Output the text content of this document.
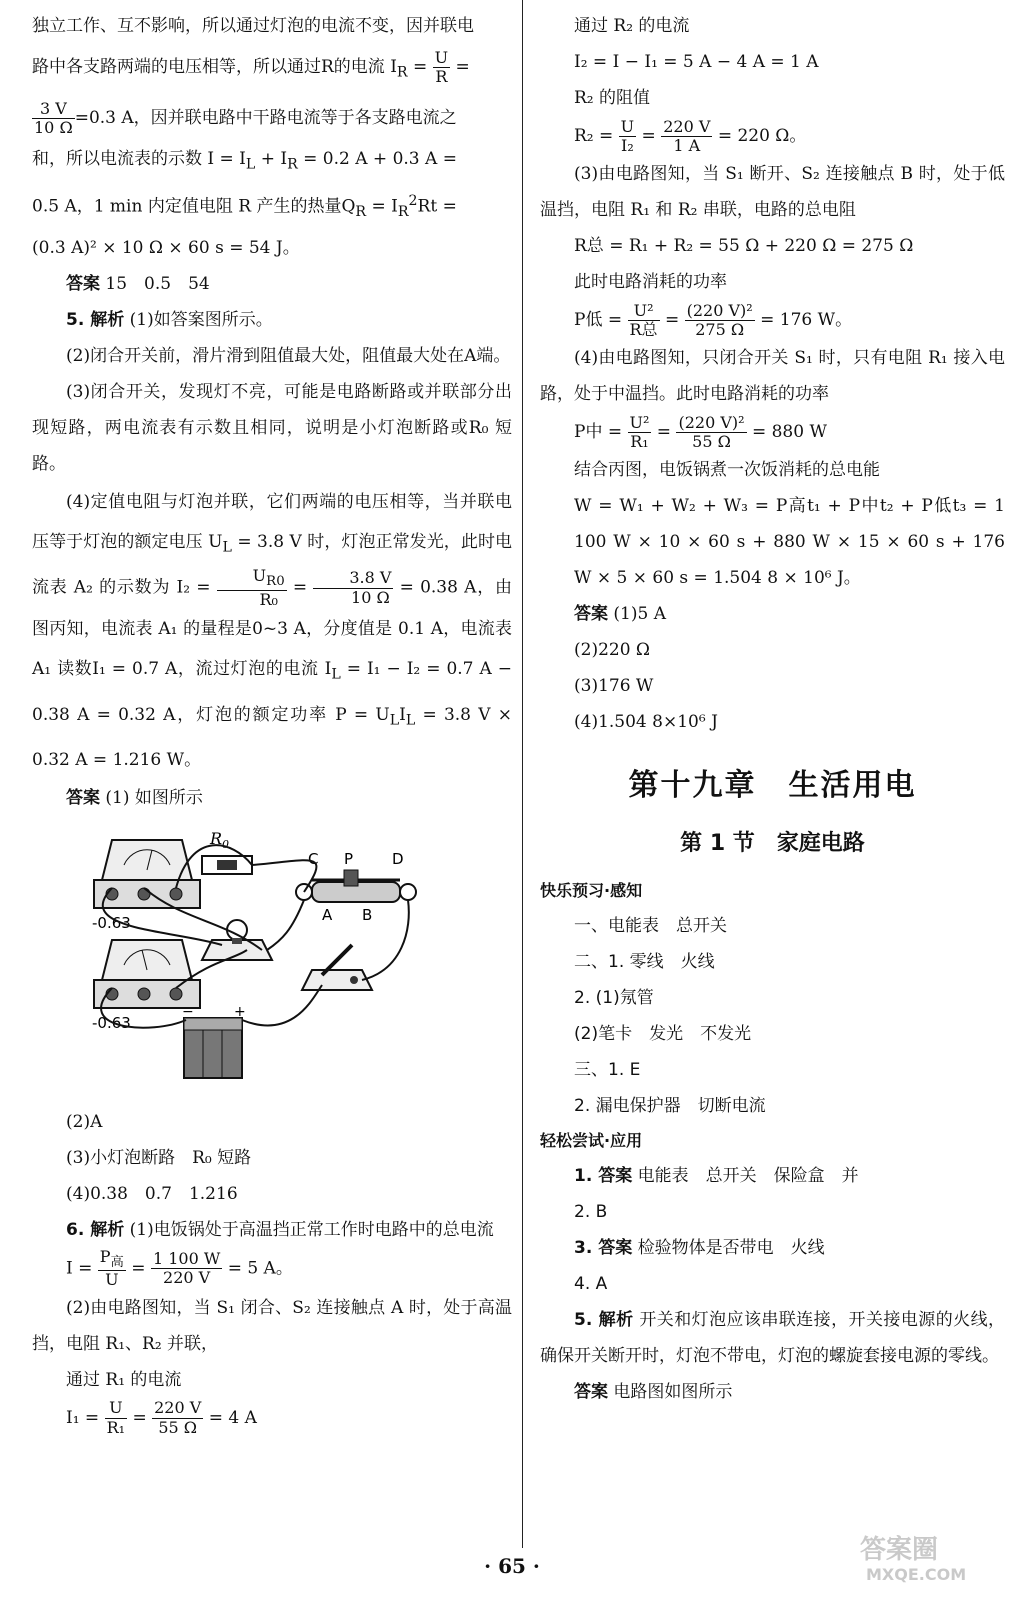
独立工作、互不影响，所以通过灯泡的电流不变，因并联电

路中各支路两端的电压相等，所以通过R的电流 $I_R = \frac{U}{R}$ =

$\frac{3 V}{10 \Omega} =0.3$ A，因并联电路中干路电流等于各支路电流之

和，所以电流表的示数 $I = I_L + I_R = 0.2$ A + 0.3 A =

0.5 A，1 min 内定值电阻 R 产生的热量$Q_R = I_R^2Rt$ =

(0.3 A)² × 10 Ω × 60 s = 54 J。

答案 15　0.5　54

5. 解析 (1)如答案图所示。

(2)闭合开关前，滑片滑到阻值最大处，阻值最大处在A端。

(3)闭合开关，发现灯不亮，可能是电路断路或并联部分出现短路，两电流表有示数且相同，说明是小灯泡断路或R₀ 短路。

(4)定值电阻与灯泡并联，它们两端的电压相等，当并联电压等于灯泡的额定电压 $U_L = 3.8$ V 时，灯泡正常发光，此时电流表 A₂ 的示数为 $I_2 = \frac{U_{R0}}{\text{R₀}} = \frac{3.8 V}{10 \Omega} = 0.38$ A，由图丙知，电流表 A₁ 的量程是0~3 A，分度值是 0.1 A，电流表 A₁ 读数I₁ = 0.7 A，流过灯泡的电流 $I_L = I_1 - I_2 = 0.7$ A − 0.38 A = 0.32 A，灯泡的额定功率 $P = U_LI_L = 3.8$ V × 0.32 A = 1.216 W。

答案 (1) 如图所示

-0.63
$R_0$
C P	D
A B
-0.63
−	+

(2)A

(3)小灯泡断路　R₀ 短路

(4)0.38　0.7　1.216

6. 解析 (1)电饭锅处于高温挡正常工作时电路中的总电流

$I = \frac{P_高}{U} = \frac{1 100 W}{220 V} = 5$ A。

(2)由电路图知，当 S₁ 闭合、S₂ 连接触点 A 时，处于高温挡，电阻 R₁、R₂ 并联，

通过 R₁ 的电流

$I_1 = \frac{U}{\text{R₁}} = \frac{220 V}{55 \Omega} = 4$ A

通过 R₂ 的电流

I₂ = I − I₁ = 5 A − 4 A = 1 A

R₂ 的阻值

$R_2 = \frac{U}{\text{I₂}} = \frac{220 V}{1 A} = 220$ Ω。

(3)由电路图知，当 S₁ 断开、S₂ 连接触点 B 时，处于低温挡，电阻 R₁ 和 R₂ 串联，电路的总电阻

R总 = R₁ + R₂ = 55 Ω + 220 Ω = 275 Ω

此时电路消耗的功率

P低 = $\frac{\text{U²}}{\text{R总}} = \frac{\text{(220 V)²}}{275 \Omega} = 176$ W。

(4)由电路图知，只闭合开关 S₁ 时，只有电阻 R₁ 接入电路，处于中温挡。此时电路消耗的功率

P中 = $\frac{\text{U²}}{\text{R₁}} = \frac{\text{(220 V)²}}{55 \Omega} = 880$ W

结合丙图，电饭锅煮一次饭消耗的总电能

W = W₁ + W₂ + W₃ = P高t₁ + P中t₂ + P低t₃ = 1 100 W × 10 × 60 s + 880 W × 15 × 60 s + 176 W × 5 × 60 s = 1.504 8 × 10⁶ J。

答案 (1)5 A

(2)220 Ω

(3)176 W

(4)1.504 8×10⁶ J

第十九章　生活用电
第 1 节　家庭电路

快乐预习·感知

一、电能表　总开关

二、1. 零线　火线

2. (1)氖管

(2)笔卡　发光　不发光

三、1. E

2. 漏电保护器　切断电流

轻松尝试·应用

1. 答案 电能表　总开关　保险盒　并

2. B

3. 答案 检验物体是否带电　火线

4. A

5. 解析 开关和灯泡应该串联连接，开关接电源的火线，确保开关断开时，灯泡不带电，灯泡的螺旋套接电源的零线。

答案 电路图如图所示

· 65 ·
答案圈
MXQE.COM
